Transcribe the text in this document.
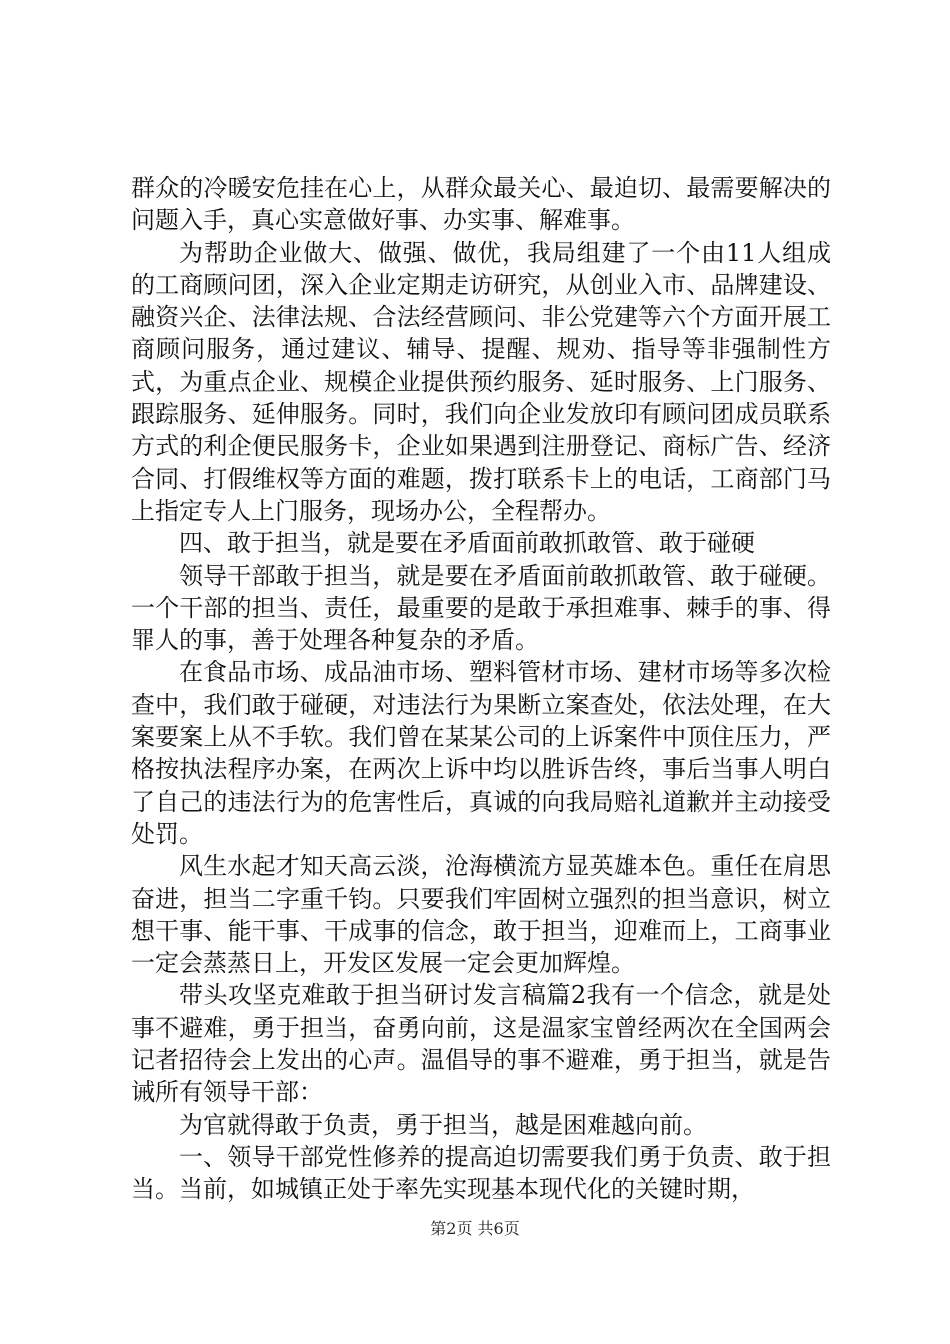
群众的冷暖安危挂在心上，从群众最关心、最迫切、最需要解决的问题入手，真心实意做好事、办实事、解难事。

为帮助企业做大、做强、做优，我局组建了一个由11人组成的工商顾问团，深入企业定期走访研究，从创业入市、品牌建设、融资兴企、法律法规、合法经营顾问、非公党建等六个方面开展工商顾问服务，通过建议、辅导、提醒、规劝、指导等非强制性方式，为重点企业、规模企业提供预约服务、延时服务、上门服务、跟踪服务、延伸服务。同时，我们向企业发放印有顾问团成员联系方式的利企便民服务卡，企业如果遇到注册登记、商标广告、经济合同、打假维权等方面的难题，拨打联系卡上的电话，工商部门马上指定专人上门服务，现场办公，全程帮办。

四、敢于担当，就是要在矛盾面前敢抓敢管、敢于碰硬

领导干部敢于担当，就是要在矛盾面前敢抓敢管、敢于碰硬。一个干部的担当、责任，最重要的是敢于承担难事、棘手的事、得罪人的事，善于处理各种复杂的矛盾。

在食品市场、成品油市场、塑料管材市场、建材市场等多次检查中，我们敢于碰硬，对违法行为果断立案查处，依法处理，在大案要案上从不手软。我们曾在某某公司的上诉案件中顶住压力，严格按执法程序办案，在两次上诉中均以胜诉告终，事后当事人明白了自己的违法行为的危害性后，真诚的向我局赔礼道歉并主动接受处罚。

风生水起才知天高云淡，沧海横流方显英雄本色。重任在肩思奋进，担当二字重千钧。只要我们牢固树立强烈的担当意识，树立想干事、能干事、干成事的信念，敢于担当，迎难而上，工商事业一定会蒸蒸日上，开发区发展一定会更加辉煌。

带头攻坚克难敢于担当研讨发言稿篇2我有一个信念，就是处事不避难，勇于担当，奋勇向前，这是温家宝曾经两次在全国两会记者招待会上发出的心声。温倡导的事不避难，勇于担当，就是告诫所有领导干部：

为官就得敢于负责，勇于担当，越是困难越向前。

一、领导干部党性修养的提高迫切需要我们勇于负责、敢于担当。当前，如城镇正处于率先实现基本现代化的关键时期，

第2页 共6页
